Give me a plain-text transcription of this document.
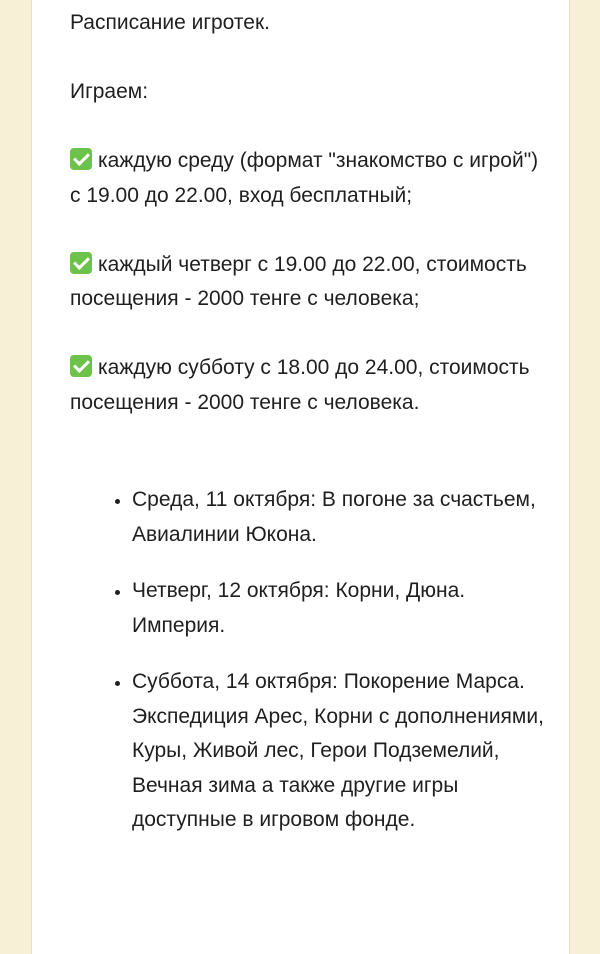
Расписание игротек.

Играем:

каждую среду (формат "знакомство с игрой") с 19.00 до 22.00, вход бесплатный;

каждый четверг с 19.00 до 22.00, стоимость посещения - 2000 тенге с человека;

каждую субботу с 18.00 до 24.00, стоимость посещения - 2000 тенге с человека.

• Среда, 11 октября: В погоне за счастьем, Авиалинии Юкона.
• Четверг, 12 октября: Корни, Дюна. Империя.
• Суббота, 14 октября: Покорение Марса. Экспедиция Арес, Корни с дополнениями, Куры, Живой лес, Герои Подземелий, Вечная зима а также другие игры доступные в игровом фонде.
